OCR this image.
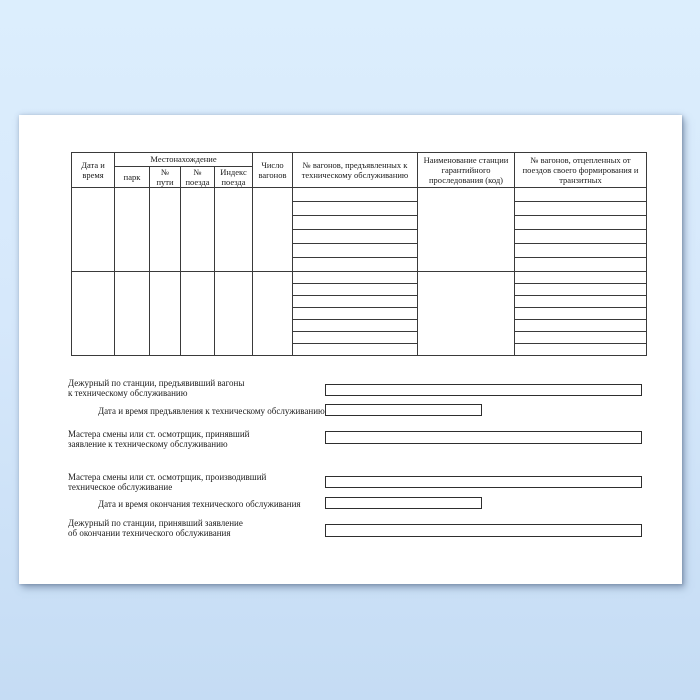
Дата и время	Местонахождение				Число вагонов	№ вагонов, предъявленных к техническому обслуживанию	Наименование станции гарантийного проследования (код)	№ вагонов, отцепленных от поездов своего формирования и транзитных
	парк	№ пути	№ поезда	Индекс поезда				

Дежурный по станции, предъявивший вагоны
к техническому обслуживанию
Дата и время предъявления к техническому обслуживанию
Мастера смены или ст. осмотрщик, принявший
заявление к техническому обслуживанию
Мастера смены или ст. осмотрщик, производивший
техническое обслуживание
Дата и время окончания технического обслуживания
Дежурный по станции, принявший заявление
об окончании технического обслуживания
